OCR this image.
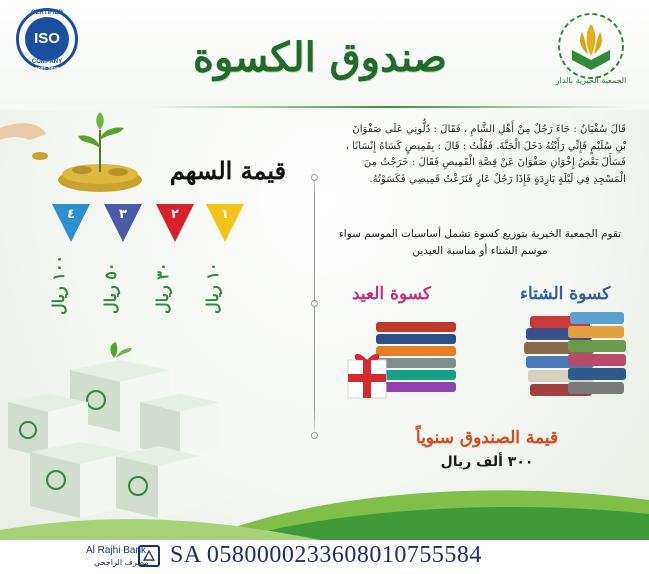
CERTIFIED
ISO
9001:2015
COMPANY	صندوق الكسوة	الجمعية الخيرية بالدار
قَالَ سُفْيَانُ : جَاءَ رَجُلٌ مِنْ أَهْلِ الشَّامِ ، فَقَالَ : دُلُّونِي عَلَى صَفْوَانَ بْنِ سُلَيْمٍ فَإِنِّي رَأَيْتُهُ دَخَلَ الْجَنَّةَ. فَقُلْتُ : قَالَ : بِقَمِيصٍ كَسَاهُ إِنْسَانًا ، فَسَأَلَ بَعْضُ إِخْوَانِ صَفْوَانَ عَنْ قِصَّةِ الْقَمِيصِ فَقَالَ : خَرَجْتُ مِنَ الْمَسْجِدِ فِي لَيْلَةٍ بَارِدَةٍ فَإِذَا رَجُلٌ عَارٍ فَنَزَعْتُ قَمِيصِي فَكَسَوْتُهُ.
تقوم الجمعية الخيرية بتوزيع كسوة تشمل أساسيات الموسم سواء موسم الشتاء أو مناسبة العيدين
قيمة السهم
١
٢
٣
٤
١٠ ريال
٣٠ ريال
٥٠ ريال
١٠٠ ريال
كسوة الشتاء
كسوة العيد
قيمة الصندوق سنوياً
٣٠٠ ألف ريال
Al Rajhi Bank
مصرف الراجحي SA 0580000233608010755584
